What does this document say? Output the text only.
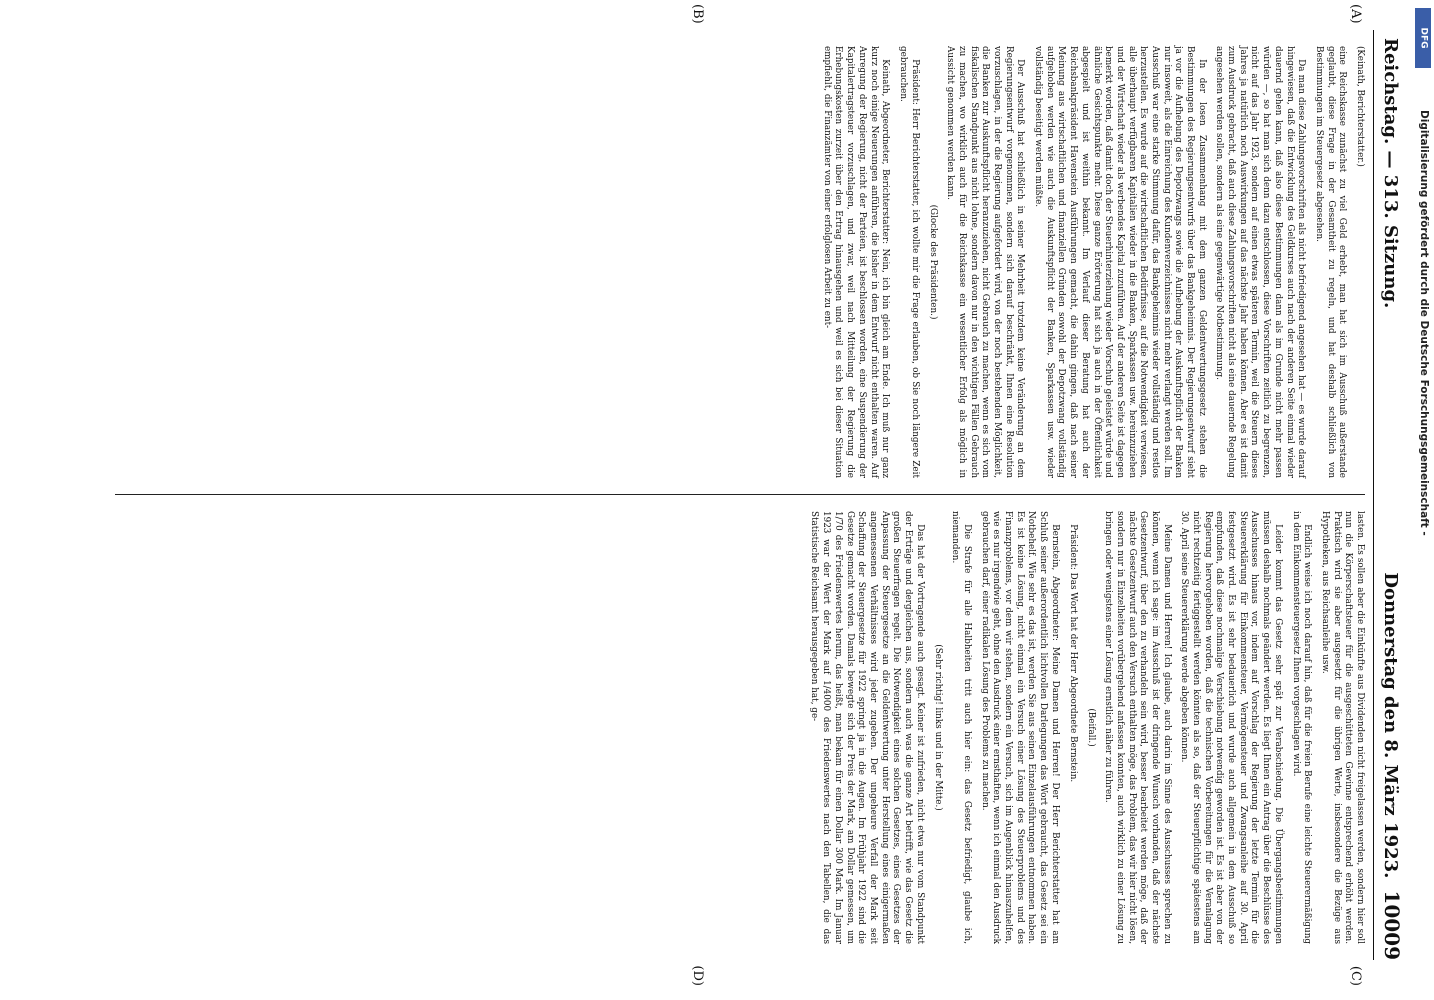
Reichstag. — 313. Sitzung.
Donnerstag den 8. März 1923.
10009
(A)
(B)

(Keinath, Berichterstatter.)

eine Reichskasse zunächst zu viel Geld erhebt, man hat sich im Ausschuß außerstande geglaubt, diese Frage in der Gesamtheit zu regeln, und hat deshalb schließlich von Bestimmungen im Steuergesetz abgesehen.

Da man diese Zahlungsvorschriften als nicht befriedigend angesehen hat — es wurde darauf hingewiesen, daß die Entwicklung des Geldkurses auch nach der anderen Seite einmal wieder dauernd gehen kann, daß also diese Bestimmungen dann als im Grunde nicht mehr passen würden —, so hat man sich denn dazu entschlossen, diese Vorschriften zeitlich zu begrenzen, nicht auf das Jahr 1923, sondern auf einen etwas späteren Termin, weil die Steuern dieses Jahres ja natürlich noch Auswirkungen auf das nächste Jahr haben können. Aber es ist damit zum Ausdruck gebracht, daß auch diese Zahlungsvorschriften nicht als eine dauernde Regelung angesehen werden sollen, sondern als eine gegenwärtige Notbestimmung.

In der losen Zusammenhang mit dem ganzen Geldentwertungsgesetz stehen die Bestimmungen des Regierungsentwurfs über das Bankgeheimnis. Der Regierungsentwurf sieht ja vor die Aufhebung des Depotzwangs sowie die Aufhebung der Auskunftspflicht der Banken nur insoweit, als die Einreichung des Kundenverzeichnisses nicht mehr verlangt werden soll. Im Ausschuß war eine starke Stimmung dafür, das Bankgeheimnis wieder vollständig und restlos herzustellen. Es wurde auf die wirtschaftlichen Bedürfnisse, auf die Notwendigkeit verwiesen, alle überhaupt verfügbaren Kapitalien wieder in die Banken, Sparkassen usw. hereinzuziehen und der Wirtschaft wieder als werbendes Kapital zuzuführen. Auf der anderen Seite ist dagegen bemerkt worden, daß damit doch der Steuerhinterziehung wieder Vorschub geleistet würde und ähnliche Gesichtspunkte mehr. Diese ganze Erörterung hat sich ja auch in der Öffentlichkeit abgespielt und ist weithin bekannt. Im Verlauf dieser Beratung hat auch der Reichsbankpräsident Havenstein Ausführungen gemacht, die dahin gingen, daß nach seiner Meinung aus wirtschaftlichen und finanziellen Gründen sowohl der Depotzwang vollständig aufgehoben werden wie auch die Auskunftspflicht der Banken, Sparkassen usw. wieder vollständig beseitigt werden müßte.

Der Ausschuß hat schließlich in seiner Mehrheit trotzdem keine Veränderung an dem Regierungsentwurf vorgenommen, sondern sich darauf beschränkt, Ihnen eine Resolution vorzuschlagen, in der die Regierung aufgefordert wird, von der noch bestehenden Möglichkeit, die Banken zur Auskunftspflicht heranzuziehen, nicht Gebrauch zu machen, wenn es sich vom fiskalischen Standpunkt aus nicht lohne, sondern davon nur in den wichtigen Fällen Gebrauch zu machen, wo wirklich auch für die Reichskasse ein wesentlicher Erfolg als möglich in Aussicht genommen werden kann.

(Glocke des Präsidenten.)

Präsident: Herr Berichterstatter, ich wollte mir die Frage erlauben, ob Sie noch längere Zeit gebrauchen.

Keinath, Abgeordneter, Berichterstatter: Nein, ich bin gleich am Ende. Ich muß nur ganz kurz noch einige Neuerungen anführen, die bisher in dem Entwurf nicht enthalten waren. Auf Anregung der Regierung, nicht der Parteien, ist beschlossen worden, eine Suspendierung der Kapitalertragsteuer vorzuschlagen, und zwar, weil nach Mitteilung der Regierung die Erhebungskosten zurzeit über den Ertrag hinausgehen und weil es sich bei dieser Situation empfiehlt, die Finanzämter von einer erfolglosen Arbeit zu ent-

(C)
(D)

lasten. Es sollen aber die Einkünfte aus Dividenden nicht freigelassen werden, sondern hier soll nun die Körperschaftsteuer für die ausgeschütteten Gewinne entsprechend erhöht werden. Praktisch wird sie aber ausgesetzt für die übrigen Werte, insbesondere die Bezüge aus Hypotheken, aus Reichsanleihe usw.

Endlich weise ich noch darauf hin, daß für die freien Berufe eine leichte Steuerermäßigung in dem Einkommensteuergesetz Ihnen vorgeschlagen wird.

Leider kommt das Gesetz sehr spät zur Verabschiedung. Die Übergangsbestimmungen müssen deshalb nochmals geändert werden. Es liegt Ihnen ein Antrag über die Beschlüsse des Ausschusses hinaus vor, indem auf Vorschlag der Regierung der letzte Termin für die Steuererklärung für Einkommensteuer, Vermögensteuer und Zwangsanleihe auf 30. April festgesetzt wird. Es ist sehr bedauerlich und wurde auch allgemein in dem Ausschuß so empfunden, daß diese nochmalige Verschiebung notwendig geworden ist. Es ist aber von der Regierung hervorgehoben worden, daß die technischen Vorbereitungen für die Veranlagung nicht rechtzeitig fertiggestellt werden könnten als so, daß der Steuerpflichtige spätestens am 30. April seine Steuererklärung werde abgeben können.

Meine Damen und Herren! Ich glaube, auch darin im Sinne des Ausschusses sprechen zu können, wenn ich sage: im Ausschuß ist der dringende Wunsch vorhanden, daß der nächste Gesetzentwurf, über den zu verhandeln sein wird, besser bearbeitet werden möge, daß der nächste Gesetzentwurf auch den Versuch enthalten möge, das Problem, das wir hier nicht lösen, sondern nur in Einzelheiten vorübergehend anfassen konnten, auch wirklich zu einer Lösung zu bringen oder wenigstens einer Lösung ernstlich näher zu führen.

(Beifall.)

Präsident: Das Wort hat der Herr Abgeordnete Bernstein.

Bernstein, Abgeordneter: Meine Damen und Herren! Der Herr Berichterstatter hat am Schluß seiner außerordentlich lichtvollen Darlegungen das Wort gebraucht, das Gesetz sei ein Notbehelf. Wie sehr es das ist, werden Sie aus seinen Einzelausführungen entnommen haben. Es ist keine Lösung, nicht einmal ein Versuch einer Lösung des Steuerproblems und des Finanzproblems, vor dem wir stehen, sondern ein Versuch, sich im Augenblick hinauszuhelfen, wie es nur irgendwie geht, ohne den Ausdruck einer ernsthaften, wenn ich einmal den Ausdruck gebrauchen darf, einer radikalen Lösung des Problems zu machen.

Die Strafe für alle Halbheiten tritt auch hier ein: das Gesetz befriedigt, glaube ich, niemanden.

(Sehr richtig! links und in der Mitte.)

Das hat der Vortragende auch gesagt. Keiner ist zufrieden, nicht etwa nur vom Standpunkt der Erträge und dergleichen aus, sondern auch was die ganze Art betrifft, wie das Gesetz die großen Steuerfragen regelt. Die Notwendigkeit eines solchen Gesetzes, eines Gesetzes der Anpassung der Steuergesetze an die Geldentwertung unter Herstellung eines einigermaßen angemessenen Verhältnisses wird jeder zugeben. Der ungeheure Verfall der Mark seit Schaffung der Steuergesetze für 1922 springt ja in die Augen. Im Frühjahr 1922 sind die Gesetze gemacht worden. Damals bewegte sich der Preis der Mark, am Dollar gemessen, um 1/70 des Friedenswertes herum, das heißt, man bekam für einen Dollar 300 Mark. Im Januar 1923 war der Wert der Mark auf 1/4000 des Friedenswertes nach den Tabellen, die das Statistische Reichsamt herausgegeben hat, ge-

DFG
Digitalisierung gefördert durch die Deutsche Forschungsgemeinschaft -
